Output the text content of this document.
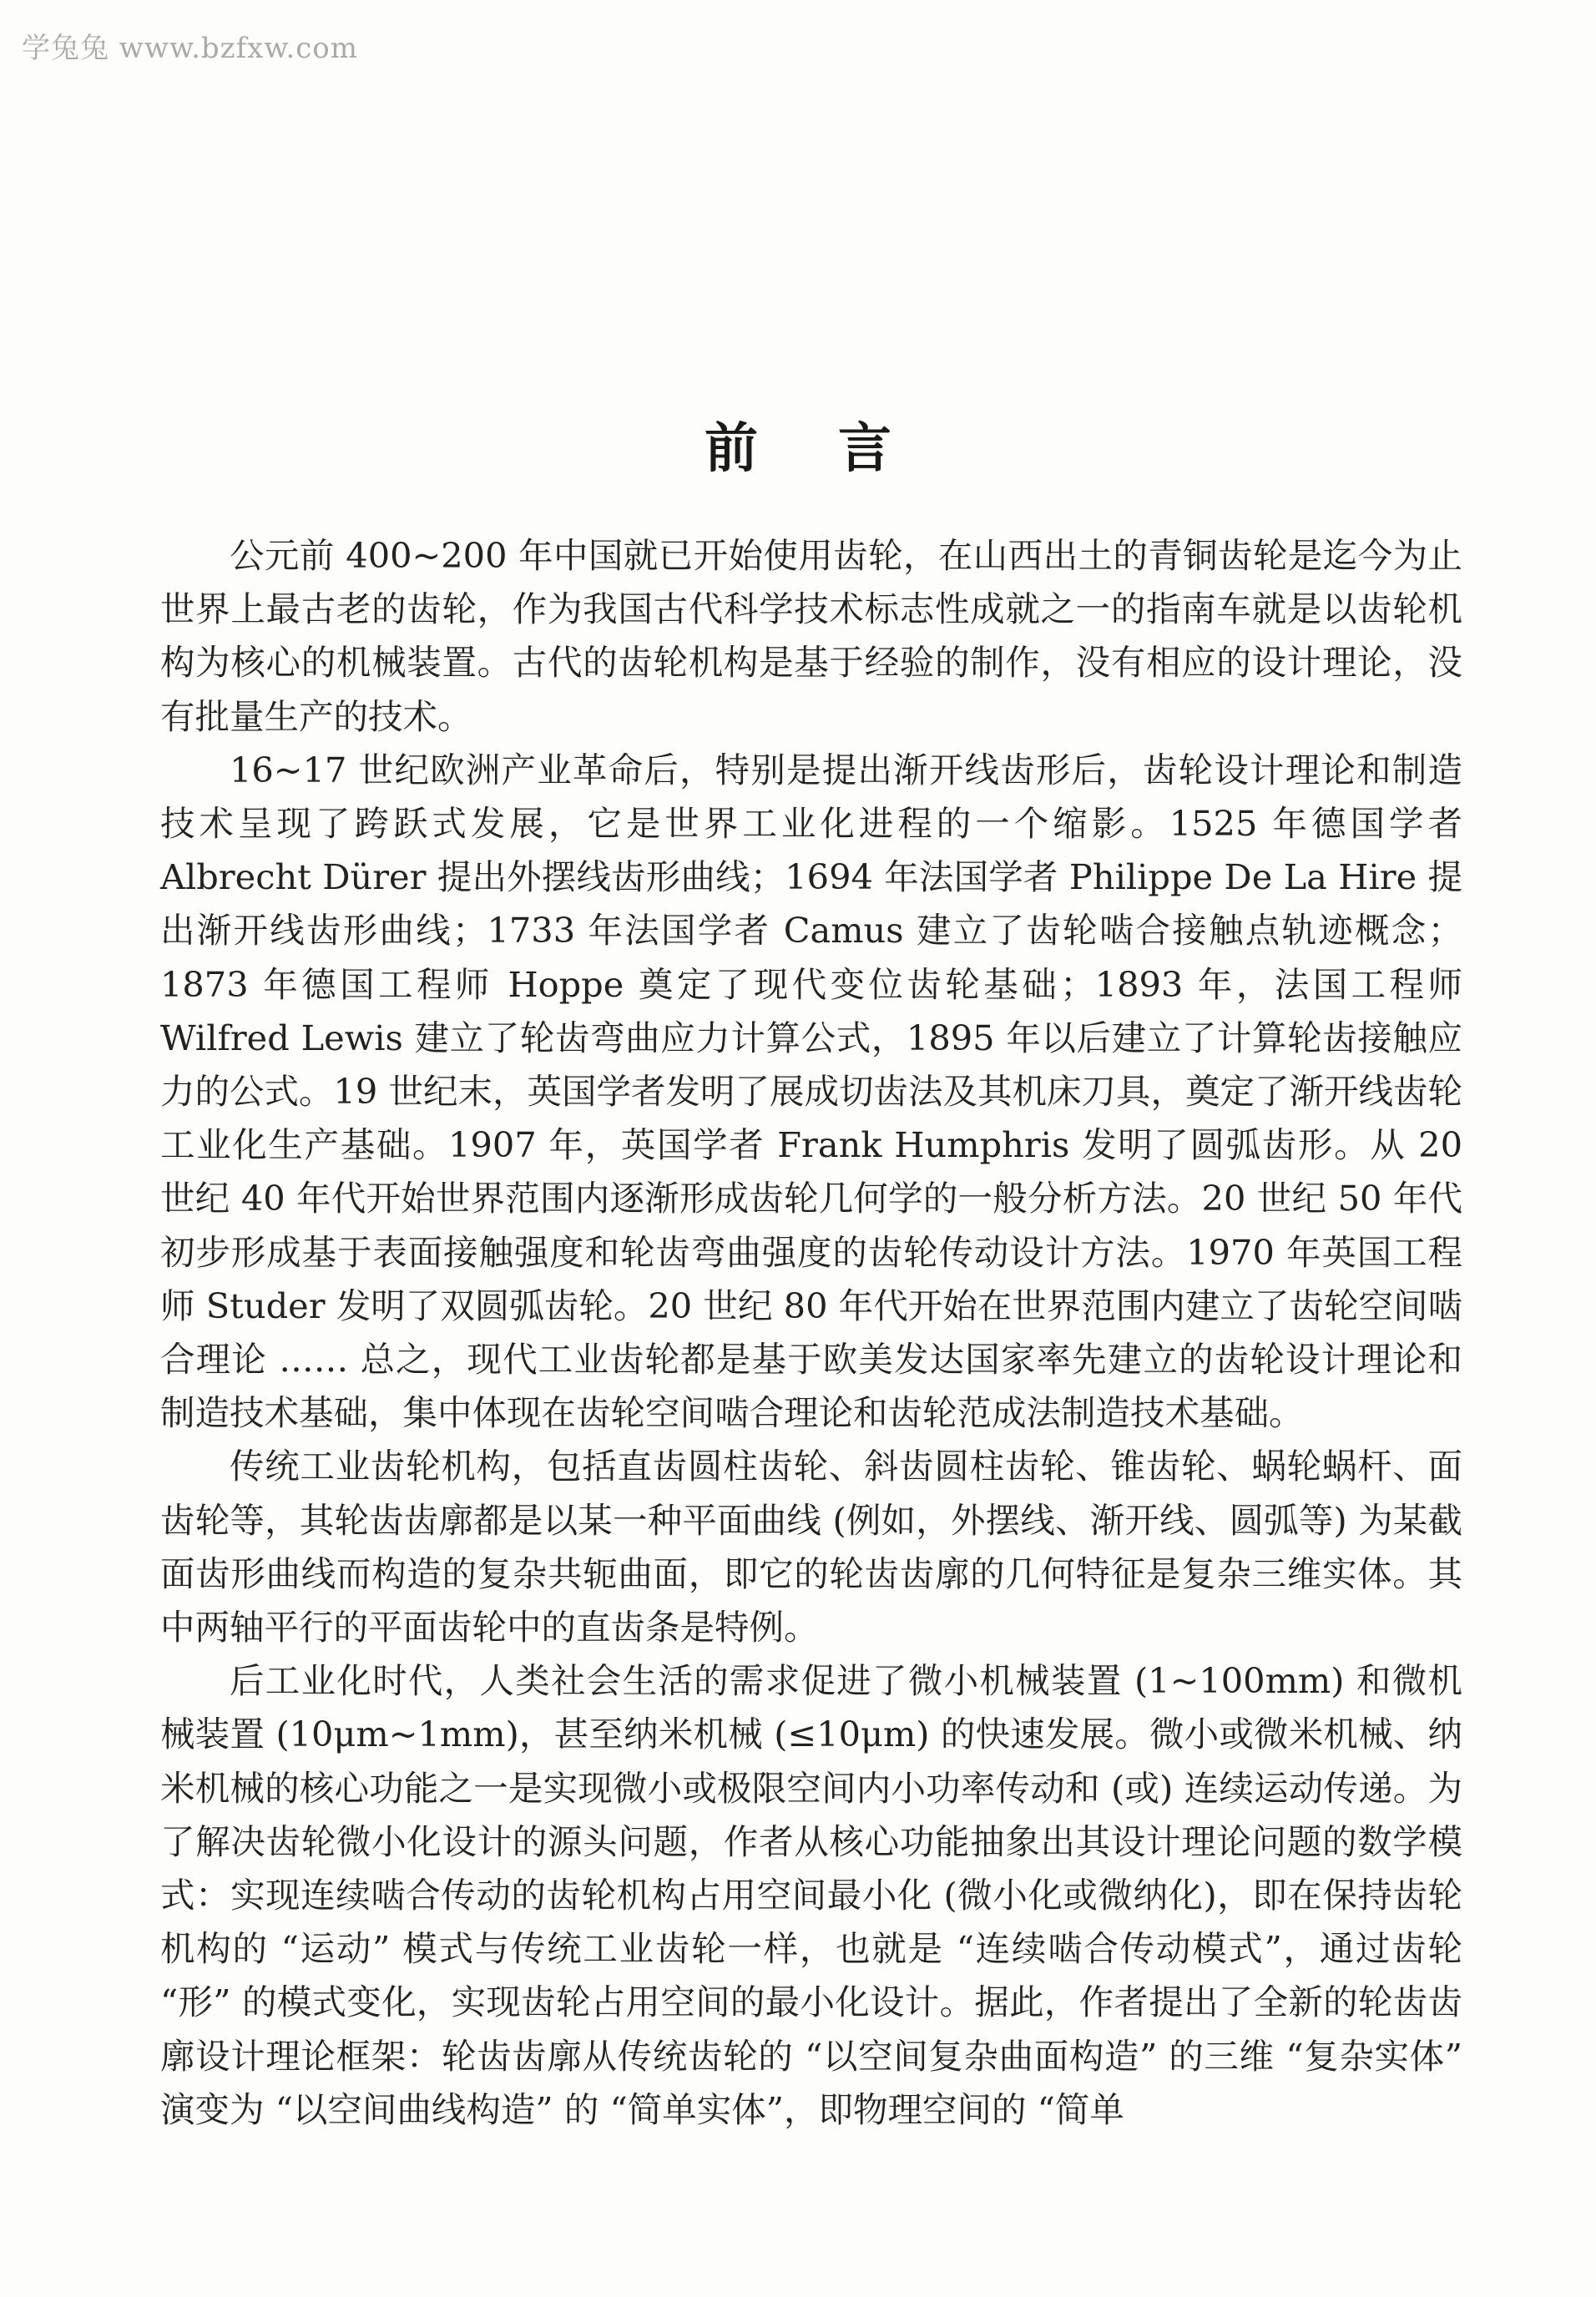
学兔兔 www.bzfxw.com
前言

公元前 400~200 年中国就已开始使用齿轮，在山西出土的青铜齿轮是迄今为止世界上最古老的齿轮，作为我国古代科学技术标志性成就之一的指南车就是以齿轮机构为核心的机械装置。古代的齿轮机构是基于经验的制作，没有相应的设计理论，没有批量生产的技术。

16~17 世纪欧洲产业革命后，特别是提出渐开线齿形后，齿轮设计理论和制造技术呈现了跨跃式发展，它是世界工业化进程的一个缩影。1525 年德国学者 Albrecht Dürer 提出外摆线齿形曲线；1694 年法国学者 Philippe De La Hire 提出渐开线齿形曲线；1733 年法国学者 Camus 建立了齿轮啮合接触点轨迹概念；1873 年德国工程师 Hoppe 奠定了现代变位齿轮基础；1893 年，法国工程师 Wilfred Lewis 建立了轮齿弯曲应力计算公式，1895 年以后建立了计算轮齿接触应力的公式。19 世纪末，英国学者发明了展成切齿法及其机床刀具，奠定了渐开线齿轮工业化生产基础。1907 年，英国学者 Frank Humphris 发明了圆弧齿形。从 20 世纪 40 年代开始世界范围内逐渐形成齿轮几何学的一般分析方法。20 世纪 50 年代初步形成基于表面接触强度和轮齿弯曲强度的齿轮传动设计方法。1970 年英国工程师 Studer 发明了双圆弧齿轮。20 世纪 80 年代开始在世界范围内建立了齿轮空间啮合理论 …… 总之，现代工业齿轮都是基于欧美发达国家率先建立的齿轮设计理论和制造技术基础，集中体现在齿轮空间啮合理论和齿轮范成法制造技术基础。

传统工业齿轮机构，包括直齿圆柱齿轮、斜齿圆柱齿轮、锥齿轮、蜗轮蜗杆、面齿轮等，其轮齿齿廓都是以某一种平面曲线 (例如，外摆线、渐开线、圆弧等) 为某截面齿形曲线而构造的复杂共轭曲面，即它的轮齿齿廓的几何特征是复杂三维实体。其中两轴平行的平面齿轮中的直齿条是特例。

后工业化时代，人类社会生活的需求促进了微小机械装置 (1~100mm) 和微机械装置 (10μm~1mm)，甚至纳米机械 (≤10μm) 的快速发展。微小或微米机械、纳米机械的核心功能之一是实现微小或极限空间内小功率传动和 (或) 连续运动传递。为了解决齿轮微小化设计的源头问题，作者从核心功能抽象出其设计理论问题的数学模式：实现连续啮合传动的齿轮机构占用空间最小化 (微小化或微纳化)，即在保持齿轮机构的 “运动” 模式与传统工业齿轮一样，也就是 “连续啮合传动模式”，通过齿轮 “形” 的模式变化，实现齿轮占用空间的最小化设计。据此，作者提出了全新的轮齿齿廓设计理论框架：轮齿齿廓从传统齿轮的 “以空间复杂曲面构造” 的三维 “复杂实体” 演变为 “以空间曲线构造” 的 “简单实体”，即物理空间的 “简单
